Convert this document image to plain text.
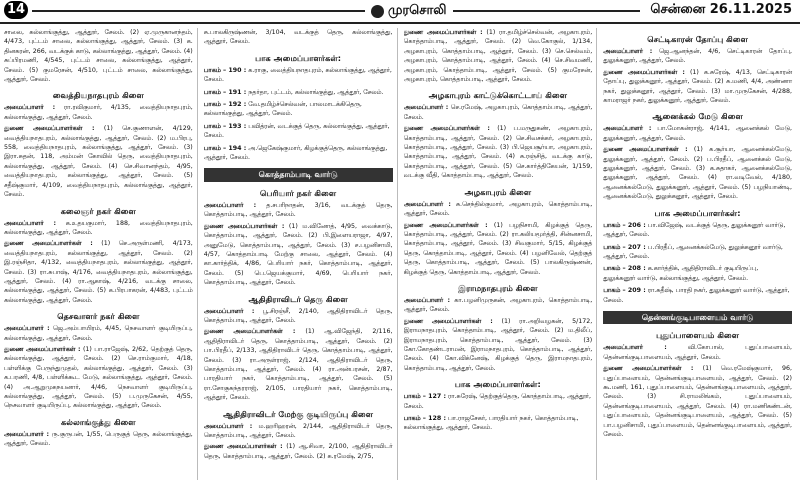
14	முரசொலி	சென்னை 26.11.2025

சாலை, கல்லாங்குத்து, ஆத்தூர், சேலம். (2) ஏ.முருகானந்தம், 4/473, புட்டம் சாலை, கல்லாங்குத்து, ஆத்தூர், சேலம். (3) க. தினகரன், 266, வடக்குக் காடு, கல்லாங்குத்து, ஆத்தூர், சேலம். (4) சுப்பிரமணி, 4/545, புட்டம் சாலை, கல்லாங்குத்து, ஆத்தூர், சேலம். (5) குமரேசன், 4/510, புட்டம் சாலை, கல்லாங்குத்து, ஆத்தூர், சேலம்.

வைத்தியநாதபுரம் கிளை

அமைப்பாளர் : ரா.ரவிகுமார், 4/135, வைத்தியநாதபுரம், கல்லாங்குத்து, ஆத்தூர், சேலம்.

துணை அமைப்பாளர்கள் : (1) செ.குணாளன், 4/129, வைத்தியநாதபுரம், கல்லாங்குத்து, ஆத்தூர், சேலம். (2) ம.பிரபு, 558, வைத்தியநாதபுரம், கல்லாங்குத்து, ஆத்தூர், சேலம். (3) இரா.சுதன், 118, அம்மன் கோவில் தெரு, வைத்தியநாதபுரம், கல்லாங்குத்து, ஆத்தூர், சேலம். (4) செ.சிவானந்தம், 4/95, வைத்தியநாதபுரம், கல்லாங்குத்து, ஆத்தூர், சேலம். (5) சதீஷ்குமார், 4/109, வைத்தியநாதபுரம், கல்லாங்குத்து, ஆத்தூர், சேலம்.

கலைஞர் நகர் கிளை

அமைப்பாளர் : க.உதயகுமார், 188, வைத்தியநாதபுரம், கல்லாங்குத்து, ஆத்தூர், சேலம்.

துணை அமைப்பாளர்கள் : (1) செ.அருள்மணி, 4/173, வைத்தியநாதபுரம், கல்லாங்குத்து, ஆத்தூர், சேலம். (2) இ.ரஞ்சிதா, 4/132, வைத்தியநாதபுரம், கல்லாங்குத்து, ஆத்தூர், சேலம். (3) ரா.சுபாஷ், 4/176, வைத்தியநாதபுரம், கல்லாங்குத்து, ஆத்தூர், சேலம். (4) ரா.ஆகாஷ், 4/216, வடக்கு சாலை, கல்லாங்குத்து, ஆத்தூர், சேலம். (5) க.பிரபாகரன், 4/483, புட்டம் கல்லாங்குத்து, ஆத்தூர், சேலம்.

தெசவாளர் நகர் கிளை

அமைப்பாளர் : ஜெ.அம்பாயிரம், 4/45, நெசவாளர் குடியிருப்பு, கல்லாங்குத்து, ஆத்தூர், சேலம்.

துணை அமைப்பாளர்கள் : (1) பா.ராஜேஷ், 2/62, தெற்குத் தெரு, கல்லாங்குத்து, ஆத்தூர், சேலம். (2) செ.ராம்குமார், 4/18, பள்ளிக்கு பேருந்துமுதல், கல்லாங்குத்து, ஆத்தூர், சேலம். (3) க.பரணி, 4/8, பள்ளிக்கூட மேடு, கல்லாங்குத்து, ஆத்தூர், சேலம். (4) அ.ஆறுமுகநயனார், 4/46, நெசவாளர் குடியிருப்பு, கல்லாங்குத்து, ஆத்தூர், சேலம். (5) ப.முருகேசன், 4/55, நெசவாளர் குடியிருப்பு, கல்லாங்குத்து, ஆத்தூர், சேலம்.

கல்லாங்குத்து கிளை

அமைப்பாளர் : ரு.குருபன், 1/55, பெருகுத் தெரு, கல்லாங்குத்து, ஆத்தூர், சேலம்.

சு.பாலகிருஷ்ணன், 3/104, வடக்குத் தெரு, கல்லாங்குத்து, ஆத்தூர், சேலம்.

பாக அமைப்பாளர்கள்:
பாகம் – 190 : க.ராகு, வைத்தியநாதபுரம், கல்லாங்குத்து, ஆத்தூர், சேலம்.
பாகம் – 191 : நதர்தா, புட்டம், கல்லாங்குத்து, ஆத்தூர், சேலம்.
பாகம் – 192 : வே.தமிழ்ச்செல்வன், பாலமாடக்கிதெரு, கல்லாங்குத்து, ஆத்தூர், சேலம்.
பாகம் – 193 : பவித்ரன், வடக்குத் தெரு, கல்லாங்குத்து, ஆத்தூர், சேலம்.
பாகம் – 194 : அ.ஜெகேஷ்குமார், கிழக்குத்தெரு, கல்லாங்குத்து, ஆத்தூர், சேலம்.
கொத்தாம்பாடி வார்டு
பெரியார் நகர் கிளை

அமைப்பாளர் : த.சபரிநாதன், 3/16, வடக்குத் தெரு, கொத்தாம்பாடி, ஆத்தூர், சேலம்.

துணை அமைப்பாளர்கள் : (1) ம.வினோத், 4/95, வைக்காடு, கொத்தாம்பாடி, ஆத்தூர், சேலம். (2) பி.இளையராஜா, 4/97, அனுமேடு, கொத்தாம்பாடி, ஆத்தூர், சேலம். (3) ச.பழனிசாமி, 4/57, கொத்தாம்பாடி மேற்கு சாலை, ஆத்தூர், சேலம். (4) கா.கார்த்திக், 4/86, பெரியார் நகர், கொத்தாம்பாடி, ஆத்தூர், சேலம். (5) பெ.ஜெயக்குமார், 4/69, பெரியார் நகர், கொத்தாம்பாடி, ஆத்தூர், சேலம்.

ஆதிதிராவிடர் தெரு கிளை

அமைப்பாளர் : பூ.சிரஞ்சீ, 2/140, ஆதிதிராவிடர் தெரு, கொத்தாம்பாடி, ஆத்தூர், சேலம்.

துணை அமைப்பாளர்கள் : (1) ஆ.விஜேந்தி, 2/116, ஆதிதிராவிடர் தெரு, கொத்தாம்பாடி, ஆத்தூர், சேலம். (2) பா.பிரதீப், 2/133, ஆதிதிராவிடர் தெரு, கொத்தாம்பாடி, ஆத்தூர், சேலம். (3) ரா.அருள்ராஜ், 2/124, ஆதிதிராவிடர் தெரு, கொத்தாம்பாடி, ஆத்தூர், சேலம். (4) ரா.அன்பரசன், 2/87, பாரதியார் நகர், கொத்தாம்பாடி, ஆத்தூர், சேலம். (5) ரா.சோகுசுந்தரராஜ், 2/105, பாரதியார் நகர், கொத்தாம்பாடி, ஆத்தூர், சேலம்.

ஆதிதிராவிடர் மேற்கு குடியிருப்பு கிளை

அமைப்பாளர் : ம.ஹரிஹரன், 2/144, ஆதிதிராவிடர் தெரு, கொத்தாம்பாடி, ஆத்தூர், சேலம்.

துணை அமைப்பாளர்கள் : (1) ஆ.சிவா, 2/100, ஆதிதிராவிடர் தெரு, கொத்தாம்பாடி, ஆத்தூர், சேலம். (2) க.ரமேஷ், 2/75,

துணை அமைப்பாளர்கள் : (1) ரா.தமிழ்ச்செல்வன், அழகாபுரம், கொத்தாம்பாடி, ஆத்தூர், சேலம். (2) வெ.கோகுல், 1/134, அழகாபுரம், கொத்தாம்பாடி, ஆத்தூர், சேலம். (3) செ.செல்வம், அழகாபுரம், கொத்தாம்பாடி, ஆத்தூர், சேலம். (4) செ.சிவமணி, அழகாபுரம், கொத்தாம்பாடி, ஆத்தூர், சேலம். (5) குமரேசன், அழகாபுரம், கொத்தாம்பாடி, ஆத்தூர், சேலம்.

அழகாபுரம் காட்டுக்கொட்டாய் கிளை

அமைப்பாளர் : செ.ரமேஷ், அழகாபுரம், கொத்தாம்பாடி, ஆத்தூர், சேலம்.

துணை அமைப்பாளர்கள் : (1) ப.மருதுகண், அழகாபுரம், கொத்தாம்பாடி, ஆத்தூர், சேலம். (2) செ.சிவசக்கர், அழகாபுரம், கொத்தாம்பாடி, ஆத்தூர், சேலம். (3) பி.ஜெயசூர்யா, அழகாபுரம், கொத்தாம்பாடி, ஆத்தூர், சேலம். (4) சு.ரஞ்சித், வடக்கு காடு, கொத்தாம்பாடி, ஆத்தூர், சேலம். (5) செ.கார்த்திகேயன், 1/159, வடக்கு வீதி, கொத்தாம்பாடி, ஆத்தூர், சேலம்.

அழகாபுரம் கிளை

அமைப்பாளர் : சு.செந்தில்குமார், அழகாபுரம், கொத்தாம்பாடி, ஆத்தூர், சேலம்.

துணை அமைப்பாளர்கள் : (1) பழநிசாமி, கிழக்குத் தெரு, கொத்தாம்பாடி, ஆத்தூர், சேலம். (2) ரா.கலியமூர்த்தி, சின்னசாமி, கொத்தாம்பாடி, ஆத்தூர், சேலம். (3) சிவகுமார், 5/15, கிழக்குத் தெரு, கொத்தாம்பாடி, ஆத்தூர், சேலம். (4) பழனிவேல், தெற்குத் தெரு, கொத்தாம்பாடி, ஆத்தூர், சேலம். (5) பாலகிருஷ்ணன், கிழக்குத் தெரு, கொத்தாம்பாடி, ஆத்தூர், சேலம்.

இராமநாதபுரம் கிளை

அமைப்பாளர் : கா.பழனிமுருகன், அழகாபுரம், கொத்தாம்பாடி, ஆத்தூர், சேலம்.

துணை அமைப்பாளர்கள் : (1) ரா.அறிவழகன், 5/172, இராமநாதபுரம், கொத்தாம்பாடி, ஆத்தூர், சேலம். (2) ம.திலீப், இராமநாதபுரம், கொத்தாம்பாடி, ஆத்தூர், சேலம். (3) கோ.கோதண்டராமன், இராமநாதபுரம், கொத்தாம்பாடி, ஆத்தூர், சேலம். (4) கோ.விக்னேஷ், கிழக்குத் தெரு, இராமநாதபுரம், கொத்தாம்பாடி, ஆத்தூர், சேலம்.

பாக அமைப்பாளர்கள்:
பாகம் – 127 : ரா.சுரேஷ், தெற்குத்தெரு, கொத்தாம்பாடி, ஆத்தூர், சேலம்.
பாகம் – 128 : பா.ராஜசேகர், பாரதியார் நகர், கொத்தாம்பாடி, கல்லாங்குத்து, ஆத்தூர், சேலம்.
செட்டிகாரன் தோப்பு கிளை

அமைப்பாளர் : ஜெ.ஆனந்தன், 4/6, செட்டிகாரன் தோப்பு, துலுக்கனூர், ஆத்தூர், சேலம்.

துணை அமைப்பாளர்கள் : (1) க.சுரேஷ், 4/13, செட்டிகாரன் தோப்பு, துலுக்கனூர், ஆத்தூர், சேலம். (2) சு.மணி, 4/4, அண்ணா நகர், துலுக்கனூர், ஆத்தூர், சேலம். (3) மா.முருகேசன், 4/288, காமராஜர் நகர், துலுக்கனூர், ஆத்தூர், சேலம்.

ஆனைக்கல் மேடு கிளை

அமைப்பாளர் : பா.மோகன்ராஜ், 4/141, ஆனைக்கல் மேடு, துலுக்கனூர், ஆத்தூர், சேலம்.

துணை அமைப்பாளர்கள் : (1) க.சூர்யா, ஆனைக்கல்மேடு, துலுக்கனூர், ஆத்தூர், சேலம். (2) ப.பிரதீப், ஆனைக்கல் மேடு, துலுக்கனூர், ஆத்தூர், சேலம். (3) க.சுதாகர், ஆனைக்கல்மேடு, துலுக்கனூர், ஆத்தூர், சேலம். (4) ரா.வடிவேல், 4/180, ஆனைக்கல்மேடு, துலுக்கனூர், ஆத்தூர், சேலம். (5) பழநியாண்டி, ஆனைக்கல்மேடு, துலுக்கனூர், ஆத்தூர், சேலம்.

பாக அமைப்பாளர்கள்:
பாகம் – 206 : பா.விஜேஷ், வடக்குத் தெரு, துலுக்கனூர் வார்டு, ஆத்தூர், சேலம்.
பாகம் – 207 : ப.பிரதீப், ஆனைக்கல்மேடு, துலுக்கனூர் வார்டு, ஆத்தூர், சேலம்.
பாகம் – 208 : க.கார்த்திக், ஆதிதிராவிடர் குடியிருப்பு, துலுக்கனூர் வார்டு, கல்லாங்குத்து, ஆத்தூர், சேலம்.
பாகம் – 209 : ரா.சுதீஷ், பாரதி நகர், துலுக்கனூர் வார்டு, ஆத்தூர், சேலம்.
தென்னங்குடிபாளையம் வார்டு
புதுப்பாளையம் கிளை

அமைப்பாளர் :	வி.கோபால், புதுப்பாளையம், தென்னங்குடிபாளையம், ஆத்தூர், சேலம்.

துணை அமைப்பாளர்கள் : (1) வெ.ரமேஷ்குமார், 96, புதுப்பாளையம், தென்னங்குடிபாளையம், ஆத்தூர், சேலம். (2) கூ.மணி, 161, புதுப்பாளையம், தென்னங்குடிபாளையம், ஆத்தூர், சேலம். (3) சி.ராமலிங்கம், புதுப்பாளையம், தென்னங்குடிபாளையம், ஆத்தூர், சேலம். (4) ரா.மணிகண்டன், புதுப்பாளையம், தென்னங்குடிபாளையம், ஆத்தூர், சேலம். (5) பா.பழனிசாமி, புதுப்பாளையம், தென்னங்குடிபாளையம், ஆத்தூர், சேலம்.
